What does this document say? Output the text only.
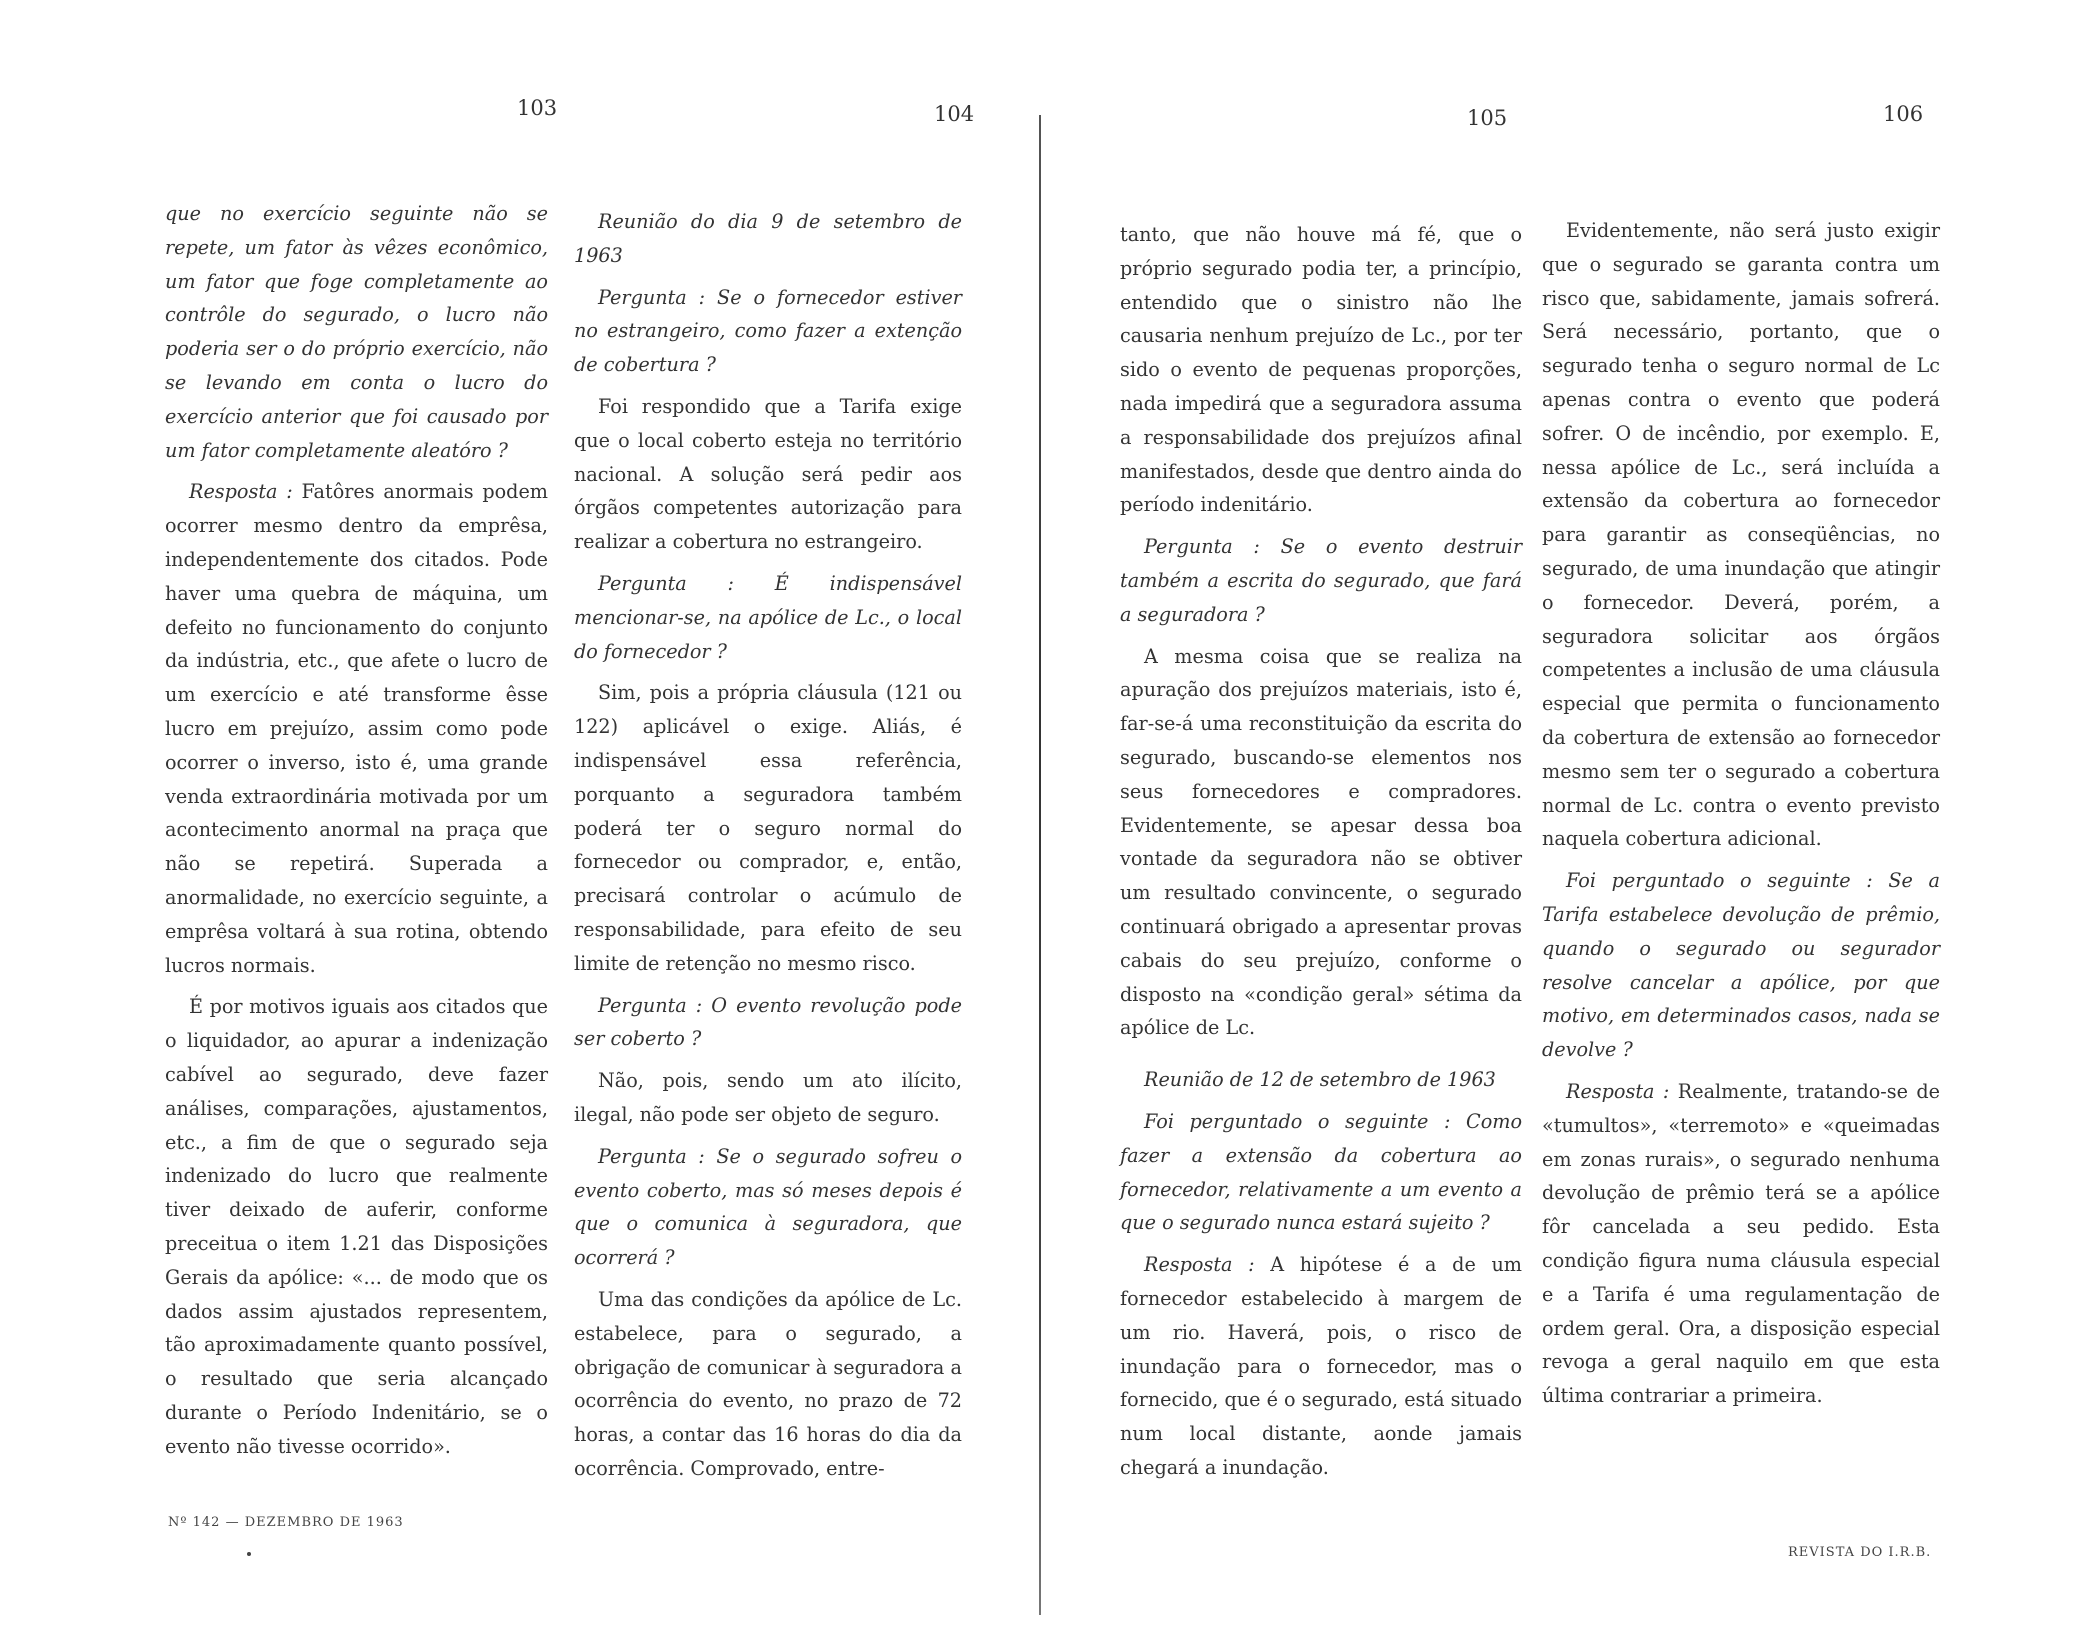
103	104

que no exercício seguinte não se repete, um fator às vêzes econômico, um fator que foge completamente ao contrôle do segurado, o lucro não poderia ser o do próprio exercício, não se levando em conta o lucro do exercício anterior que foi causado por um fator completamente aleatóro ?

Resposta : Fatôres anormais podem ocorrer mesmo dentro da emprêsa, independentemente dos citados. Pode haver uma quebra de máquina, um defeito no funcionamento do conjunto da indústria, etc., que afete o lucro de um exercício e até transforme êsse lucro em prejuízo, assim como pode ocorrer o inverso, isto é, uma grande venda extraordinária motivada por um acontecimento anormal na praça que não se repetirá. Superada a anormalidade, no exercício seguinte, a emprêsa voltará à sua rotina, obtendo lucros normais.

É por motivos iguais aos citados que o liquidador, ao apurar a indenização cabível ao segurado, deve fazer análises, comparações, ajustamentos, etc., a fim de que o segurado seja indenizado do lucro que realmente tiver deixado de auferir, conforme preceitua o item 1.21 das Disposições Gerais da apólice: «... de modo que os dados assim ajustados representem, tão aproximadamente quanto possível, o resultado que seria alcançado durante o Período Indenitário, se o evento não tivesse ocorrido».

Reunião do dia 9 de setembro de 1963

Pergunta : Se o fornecedor estiver no estrangeiro, como fazer a extenção de cobertura ?

Foi respondido que a Tarifa exige que o local coberto esteja no território nacional. A solução será pedir aos órgãos competentes autorização para realizar a cobertura no estrangeiro.

Pergunta : É indispensável mencionar-se, na apólice de Lc., o local do fornecedor ?

Sim, pois a própria cláusula (121 ou 122) aplicável o exige. Aliás, é indispensável essa referência, porquanto a seguradora também poderá ter o seguro normal do fornecedor ou comprador, e, então, precisará controlar o acúmulo de responsabilidade, para efeito de seu limite de retenção no mesmo risco.

Pergunta : O evento revolução pode ser coberto ?

Não, pois, sendo um ato ilícito, ilegal, não pode ser objeto de seguro.

Pergunta : Se o segurado sofreu o evento coberto, mas só meses depois é que o comunica à seguradora, que ocorrerá ?

Uma das condições da apólice de Lc. estabelece, para o segurado, a obrigação de comunicar à seguradora a ocorrência do evento, no prazo de 72 horas, a contar das 16 horas do dia da ocorrência. Comprovado, entre-

Nº 142 — DEZEMBRO DE 1963
105	106

tanto, que não houve má fé, que o próprio segurado podia ter, a princípio, entendido que o sinistro não lhe causaria nenhum prejuízo de Lc., por ter sido o evento de pequenas proporções, nada impedirá que a seguradora assuma a responsabilidade dos prejuízos afinal manifestados, desde que dentro ainda do período indenitário.

Pergunta : Se o evento destruir também a escrita do segurado, que fará a seguradora ?

A mesma coisa que se realiza na apuração dos prejuízos materiais, isto é, far-se-á uma reconstituição da escrita do segurado, buscando-se elementos nos seus fornecedores e compradores. Evidentemente, se apesar dessa boa vontade da seguradora não se obtiver um resultado convincente, o segurado continuará obrigado a apresentar provas cabais do seu prejuízo, conforme o disposto na «condição geral» sétima da apólice de Lc.

Reunião de 12 de setembro de 1963

Foi perguntado o seguinte : Como fazer a extensão da cobertura ao fornecedor, relativamente a um evento a que o segurado nunca estará sujeito ?

Resposta : A hipótese é a de um fornecedor estabelecido à margem de um rio. Haverá, pois, o risco de inundação para o fornecedor, mas o fornecido, que é o segurado, está situado num local distante, aonde jamais chegará a inundação.

Evidentemente, não será justo exigir que o segurado se garanta contra um risco que, sabidamente, jamais sofrerá. Será necessário, portanto, que o segurado tenha o seguro normal de Lc apenas contra o evento que poderá sofrer. O de incêndio, por exemplo. E, nessa apólice de Lc., será incluída a extensão da cobertura ao fornecedor para garantir as conseqüências, no segurado, de uma inundação que atingir o fornecedor. Deverá, porém, a seguradora solicitar aos órgãos competentes a inclusão de uma cláusula especial que permita o funcionamento da cobertura de extensão ao fornecedor mesmo sem ter o segurado a cobertura normal de Lc. contra o evento previsto naquela cobertura adicional.

Foi perguntado o seguinte : Se a Tarifa estabelece devolução de prêmio, quando o segurado ou segurador resolve cancelar a apólice, por que motivo, em determinados casos, nada se devolve ?

Resposta : Realmente, tratando-se de «tumultos», «terremoto» e «queimadas em zonas rurais», o segurado nenhuma devolução de prêmio terá se a apólice fôr cancelada a seu pedido. Esta condição figura numa cláusula especial e a Tarifa é uma regulamentação de ordem geral. Ora, a disposição especial revoga a geral naquilo em que esta última contrariar a primeira.

REVISTA DO I.R.B.
